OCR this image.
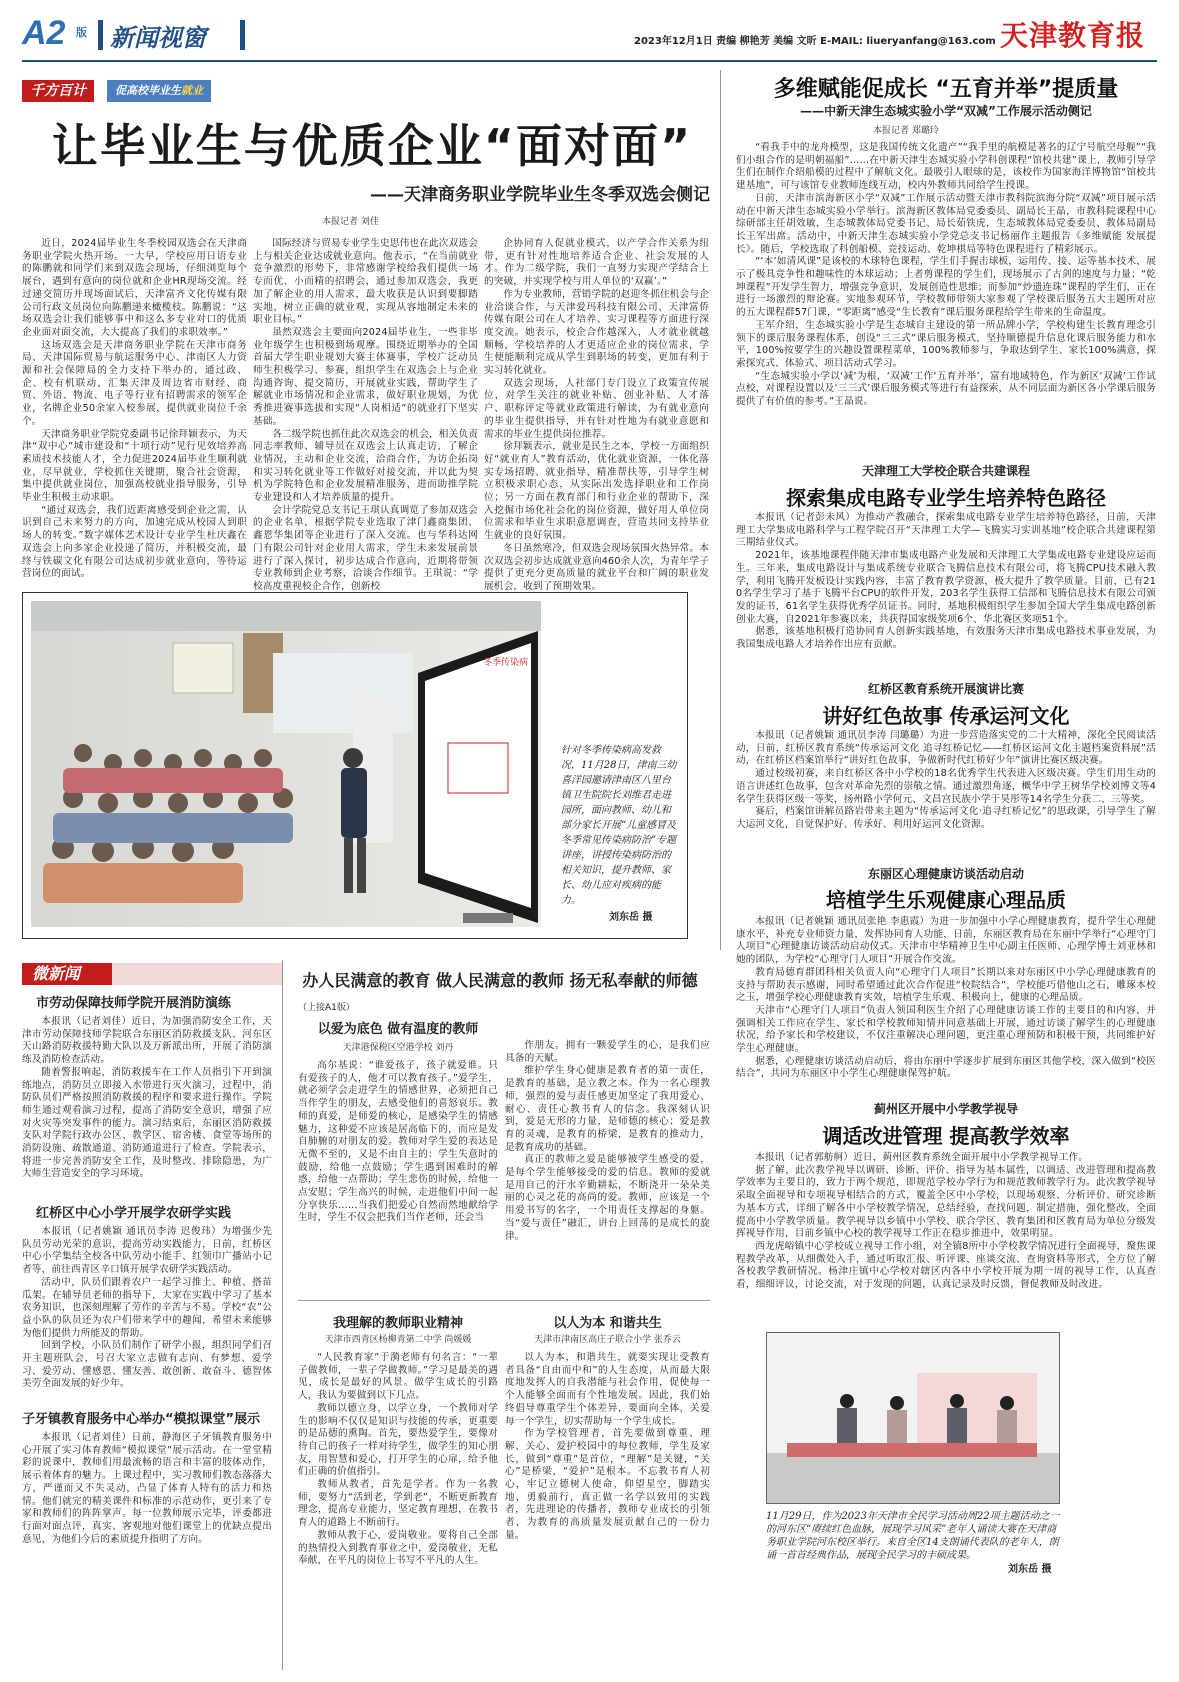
A2 版 新闻视窗	2023年12月1日 责编 柳艳芳 美编 文昕 E-MAIL: liueryanfang@163.com 天津教育报
千方百计	促高校毕业生就业
让毕业生与优质企业“面对面”
——天津商务职业学院毕业生冬季双选会侧记
本报记者 刘佳

近日，2024届毕业生冬季校园双选会在天津商务职业学院火热开场。一大早，学校应用日语专业的陈鹏就和同学们来到双选会现场，仔细浏览每个展台，遇到有意向的岗位就和企业HR现场交流。经过递交简历并现场面试后，天津富齐文化传媒有限公司行政文员岗位向陈鹏递来橄榄枝。陈鹏说：“这场双选会让我们能够事中和这么多专业对口的优质企业面对面交流，大大提高了我们的求职效率。”

这场双选会是天津商务职业学院在天津市商务局、天津国际贸易与航运服务中心、津南区人力资源和社会保障局的全力支持下举办的，通过政、企、校有机联动，汇集天津及周边省市财经、商贸、外语、物流、电子等行业有招聘需求的领军企业，名牌企业50余家入校参展，提供就业岗位千余个。

天津商务职业学院党委副书记徐拜颖表示，为天津“双中心”城市建设和“十项行动”见行见效培养高素质技术技能人才，全力促进2024届毕业生顺利就业，尽早就业，学校抓住关键期，聚合社会资源，集中提供就业岗位，加强高校就业指导服务，引导毕业生积极主动求职。

“通过双选会，我们近距离感受到企业之需，认识到自己未来努力的方向，加速完成从校园人到职场人的转变。”数字媒体艺术设计专业学生杜庆鑫在双选会上向多家企业投递了简历，并积极交流，最终与铁碳文化有限公司达成初步就业意向，等待运营岗位的面试。

国际经济与贸易专业学生史思伟也在此次双选会上与相关企业达成就业意向。他表示，“在当前就业竞争激烈的形势下，非常感谢学校给我们提供一场专而优、小而精的招聘会，通过参加双选会，我更加了解企业的用人需求，最大收获是认识到要脚踏实地，树立正确的就业观，实现从容地制定未来的职业目标。”

虽然双选会主要面向2024届毕业生，一些非毕业年级学生也积极到场观摩。围绕近期举办的全国首届大学生职业规划大赛主体赛事，学校广泛动员师生积极学习、参赛，组织学生在双选会上与企业沟通咨询、提交简历，开展就业实践，帮助学生了解就业市场情况和企业需求，做好职业规划，为优秀推进赛事选拔和实现“人岗相适”的就业打下坚实基础。

各二级学院也抓住此次双选会的机会，相关负责同志率教师、辅导员在双选会上认真走访，了解企业情况，主动和企业交流，洽商合作，为访企拓岗和实习转化就业等工作做好对接交流，并以此为契机为学院特色和企业发展精准服务，进而助推学院专业建设和人才培养质量的提升。

会计学院党总支书记王琪认真调览了参加双选会的企业名单，根据学院专业选取了津门鑫商集团、鑫恩华集团等企业进行了深入交流。也与华科达网门有限公司针对企业用人需求，学生未来发展前景进行了深入探讨，初步达成合作意向，近期将带领专业教师到企业考察，洽谈合作细节。王琪说：“学校高度重视校企合作，创新校

企协同育人促就业模式，以产学合作关系为纽带，更有针对性地培养适合企业、社会发展的人才。作为二级学院，我们一直努力实现产学结合上的突破，并实现学校与用人单位的‘双赢’。”

作为专业教师，营销学院的赵迎冬抓住机会与企业洽谈合作，与天津爱玛科技有限公司、天津富侨传媒有限公司在人才培养、实习课程等方面进行深度交流。她表示，校企合作越深入，人才就业就越顺畅，学校培养的人才更适应企业的岗位需求，学生便能顺利完成从学生到职场的转变，更加有利于实习转化就业。

双选会现场，人社部门专门设立了政策宣传展位，对学生关注的就业补贴、创业补贴、人才落户、职称评定等就业政策进行解读，为有就业意向的毕业生提供指导，并有针对性地为有就业意愿和需求的毕业生提供岗位推荐。

徐拜颖表示，就业是民生之本，学校一方面组织好“就业育人”教育活动，优化就业资源，一体化落实专场招聘、就业指导、精准帮扶等，引导学生树立积极求职心态，从实际出发选择职业和工作岗位；另一方面在教育部门和行业企业的帮助下，深入挖掘市场化社会化的岗位资源，做好用人单位岗位需求和毕业生求职意愿调查，营造共同支持毕业生就业的良好氛围。

冬日虽然寒冷，但双选会现场氛围火热异常。本次双选会初步达成就业意向460余人次，为青年学子提供了更充分更高质量的就业平台和广阔的职业发展机会，收到了预期效果。

冬季传染病
针对冬季传染病高发救况，11月28日，津南三幼喜洋园邀请津南区八里台镇卫生院院长刘维君走进园所，面向教师、幼儿和部分家长开展“儿童感冒及冬季常见传染病防治”专题讲座，讲授传染病防治的相关知识，提升教师、家长、幼儿应对疾病的能力。
刘东岳 摄
多维赋能促成长 “五育并举”提质量
——中新天津生态城实验小学“双减”工作展示活动侧记
本报记者 郑璐玲

“看我手中的龙舟模型，这是我国传统文化遗产”“我手里的航模是著名的辽宁号航空母舰”“我们小组合作的是明朝福船”……在中新天津生态城实验小学科创课程“馆校共建”课上，教师引导学生们在制作介绍船模的过程中了解航文化。最吸引人眼球的是，该校作为国家海洋博物馆“馆校共建基地”，可与该馆专业教师连线互动，校内外教师共同给学生授课。

日前，天津市滨海新区小学“双减”工作展示活动暨天津市教科院滨海分院“双减”项目展示活动在中新天津生态城实验小学举行。滨海新区教体局党委委员、副局长王晶，市教科院课程中心综研部主任胡效敏，生态城教体局党委书记、局长茹铁虎，生态城教体局党委委员、教体局副局长王军出席。活动中，中新天津生态城实验小学党总支书记杨丽作主题报告《多维赋能 发展提长》。随后，学校选取了科创船模、竞技运动、乾坤棋局等特色课程进行了精彩展示。

“‘本’如清风课”是该校的木球特色课程，学生们手握击球板，运用传、接、运等基本技术，展示了极具竞争性和趣味性的木球运动；上者剪课程的学生们，现场展示了古剑的速度与力量；“乾坤课程”开发学生智力，增强竞争意识，发展创造性思维；而参加“炒遗连珠”课程的学生们，正在进行一场激烈的辩论赛。实地参观环节，学校教师带领大家参观了学校课后服务五大主题所对应的五大课程群57门课，“零距离”感受“生长教育”课后服务课程给学生带来的生命温度。

王军介绍，生态城实验小学是生态城自主建设的第一所品牌小学，学校构建生长教育理念引领下的课后服务课程体系，创设“三三式”课后服务模式，坚持顺德提升信息化课后服务能力和水平，100%按要学生的兴趣设置课程菜单，100%教师参与，争取达到学生、家长100%满意，探索探究式、体验式、项目活动式学习。

“生态城实验小学以‘减’为根，‘双减’工作‘五育并举’，富有地域特色，作为新区‘双减’工作试点校，对课程设置以及‘三三式’课后服务模式等进行有益探索，从不同层面为新区各小学课后服务提供了有价值的参考。”王晶说。

天津理工大学校企联合共建课程
探索集成电路专业学生培养特色路径

本报讯（记者彭未风）为推动产教融合，探索集成电路专业学生培养特色路径，日前，天津理工大学集成电路科学与工程学院召开“天津理工大学—飞腾实习实训基地”校企联合共建课程第三期结业仪式。

2021年，该基地课程伴随天津市集成电路产业发展和天津理工大学集成电路专业建设应运而生。三年来，集成电路设计与集成系统专业联合飞腾信息技术有限公司，将飞腾CPU技术融入教学，利用飞腾开发板设计实践内容，丰富了教育教学资源，极大提升了教学质量。目前，已有210名学生学习了基于飞腾平台CPU的软件开发，203名学生获得工信部和飞腾信息技术有限公司颁发的证书，61名学生获得优秀学员证书。同时，基地积极组织学生参加全国大学生集成电路创新创业大赛，自2021年参赛以来，共获得国家级奖项6个、华北赛区奖项51个。

据悉，该基地积极打造协同育人创新实践基地，有效服务天津市集成电路技术事业发展，为我国集成电路人才培养作出应有贡献。

红桥区教育系统开展演讲比赛
讲好红色故事 传承运河文化

本报讯（记者姚颖 通讯员李涛 闫璐璐）为进一步营造落实党的二十大精神，深化全民阅读活动，日前，红桥区教育系统“传承运河文化 追寻红桥记忆——红桥区运河文化主题档案资料展”活动，在红桥区档案馆举行“讲好红色故事，争做新时代红桥好少年”演讲比赛区级决赛。

通过校级初赛，来自红桥区各中小学校的18名优秀学生代表进入区级决赛。学生们用生动的语言讲述红色故事，包含对革命先烈的崇敬之情。通过激烈角逐，概华中学王树华学校刘博文等4名学生获得区级一等奖，扬州路小学何元、文昌宫民族小学于昊彤等14名学生分获二、三等奖。

赛后，档案馆讲解员路岩带来主题为“传承运河文化·追寻红桥记忆”的思政课，引导学生了解大运河文化，自觉保护好、传承好、利用好运河文化资源。

东丽区心理健康访谈活动启动
培植学生乐观健康心理品质

本报讯（记者姚颖 通讯员张艳 李惠霞）为进一步加强中小学心理健康教育，提升学生心理健康水平，补充专业师资力量，发挥协同育人功能，日前，东丽区教育局在东丽中学举行“心理守门人项目”心理健康访谈活动启动仪式。天津市中华精神卫生中心副主任医师、心理学博士刘亚林和她的团队，为学校“心理守门人项目”开展合作交流。

教育局德育群团科相关负责人向“心理守门人项目”长期以来对东丽区中小学心理健康教育的支持与帮助表示感谢，同时希望通过此次合作促进“校院结合”，学校能巧借他山之石，雕琢本校之玉，增强学校心理健康教育实效，培植学生乐观、积极向上，健康的心理品质。

天津市“心理守门人项目”负责人领国利医生介绍了心理健康访谈工作的主要目的和内容，并强调相关工作应在学生、家长和学校教师知情并同意基础上开展，通过访谈了解学生的心理健康状况，给予家长和学校建议，不仅注重解决心理问题，更注重心理预防和积极干预，共同维护好学生心理健康。

据悉，心理健康访谈活动启动后，将由东丽中学逐步扩展到东丽区其他学校，深入做到“校医结合”，共同为东丽区中小学生心理健康保驾护航。

蓟州区开展中小学教学视导
调适改进管理 提高教学效率

本报讯（记者郭舫舸）近日，蓟州区教育系统全面开展中小学教学视导工作。

据了解，此次教学视导以调研、诊断、评价、指导为基本属性，以调适、改进管理和提高教学效率为主要目的，致力于两个规范，即规范学校办学行为和规范教师教学行为。此次教学视导采取全面视导和专项视导相结合的方式，覆盖全区中小学校，以现场观察、分析评价、研究诊断为基本方式，详细了解各中小学校教学情况，总结经验，查找问题，制定措施，强化整改，全面提高中小学教学质量。教学视导以乡镇中小学校、联合学区、教育集团和区教育局为单位分级发挥视导作用，目前乡镇中心校的教学视导工作正在稳步推进中，效果明显。

西龙虎峪镇中心学校成立视导工作小组，对全镇8所中小学校教学情况进行全面视导，聚焦课程教学改革，从细微处入手，通过听取汇报、听评课、座谈交流、查询资料等形式，全方位了解各校教学教研情况。杨津庄镇中心学校对辖区内各中小学校开展为期一周的视导工作，认真查看，细细评议，讨论交流，对于发现的问题，认真记录及时反馈，督促教师及时改进。

11月29日，作为2023年天津市全民学习活动周22项主题活动之一的河东区“赓续红色血脉，展现学习风采”老年人诵读大赛在天津商务职业学院河东校区举行。来自全区14支朗诵代表队的老年人，朗诵一首首经典作品，展现全民学习的丰硕成果。
刘东岳 摄
微新闻
市劳动保障技师学院开展消防演练

本报讯（记者刘佳）近日，为加强消防安全工作，天津市劳动保障技师学院联合东丽区消防救援支队、河东区天山路消防救援特勤大队以及万新派出所，开展了消防演练及消防检查活动。

随着警报响起，消防救援车在工作人员指引下开到演练地点，消防员立即接入水带进行灭火演习，过程中，消防队员们严格按照消防救援的程序和要求进行操作。学院师生通过观看演习过程，提高了消防安全意识，增强了应对火灾等突发事件的能力。演习结束后，东丽区消防救援支队对学院行政办公区、教学区、宿舍楼、食堂等场所的消防设施、疏散通道、消防通道进行了检查。学院表示，将进一步完善消防安全工作，及时整改、排除隐患，为广大师生营造安全的学习环境。

红桥区中心小学开展学农研学实践

本报讯（记者姚颖 通讯员李涛 迟俊玮）为增强少先队员劳动光荣的意识，提高劳动实践能力，日前，红桥区中心小学集结全校各中队劳动小能手、红领巾广播站小记者等，前往西青区辛口镇开展学农研学实践活动。

活动中，队员们跟着农户一起学习推土、种植、搭苗瓜架。在辅导员老师的指导下，大家在实践中学习了基本农务知识，也深刻理解了劳作的辛苦与不易。学校“农”公益小队的队员还为农户们带来学中的趣闻，希望未来能够为他们提供力所能及的帮助。

回到学校，小队员们制作了研学小报，组织同学们召开主题班队会，号召大家立志做有志向、有梦想、爱学习、爱劳动、懂感恩、懂友善、敢创新、敢奋斗、德智体美劳全面发展的好少年。

子牙镇教育服务中心举办“模拟课堂”展示

本报讯（记者刘佳）日前，静海区子牙镇教育服务中心开展了实习体育教师“模拟课堂”展示活动。在一堂堂精彩的说课中，教师们用最流畅的语言和丰富的肢体动作，展示着体育的魅力。上课过程中，实习教师们教态落落大方，严谨而又不失灵动，凸显了体育人特有的活力和热情。他们就完的精美课件和标准的示范动作，更引来了专家和教师们的阵阵掌声。每一位教师展示完毕，评委都进行面对面点评，真实、客观地对他们课堂上的优缺点提出意见，为他们今后的素质提升指明了方向。

办人民满意的教育 做人民满意的教师 扬无私奉献的师德
（上接A1版）
以爱为底色 做有温度的教师
天津港保税区空港学校 刘丹

高尔基说：“谁爱孩子，孩子就爱谁。只有爱孩子的人，他才可以教育孩子。”爱学生，就必须学会走进学生的情感世界，必须把自己当作学生的朋友，去感受他们的喜怒哀乐。教师的真爱，是师爱的核心，是感染学生的情感魅力，这种爱不应该是居高临下的，而应是发自肺腑的对朋友的爱。教师对学生爱的表达是无微不至的，又是不由自主的：学生失意时的鼓励，给他一点鼓励；学生遇到困难时的解惑，给他一点帮助；学生悲伤的时候，给他一点安慰；学生高兴的时候，走进他们中间一起分享快乐……当我们把爱心自然而然地献给学生时，学生不仅会把我们当作老师，还会当

作朋友。拥有一颗爱学生的心，是我们应具备的天赋。

维护学生身心健康是教育者的第一责任，是教育的基础，是立教之本。作为一名心理教师，强烈的爱与责任感更加坚定了我用爱心、耐心、责任心教书育人的信念。我深刻认识到，爱是无形的力量，是师德的核心；爱是教育的灵魂，是教育的桥梁，是教育的推动力，是教育成功的基础。

真正的教师之爱是能够被学生感受的爱，是每个学生能够接受的爱的信息。教师的爱就是用自己的汗水辛勤耕耘，不断浇开一朵朵美丽的心灵之花的高尚的爱。教师，应该是一个用爱书写的名字，一个用责任支撑起的身躯。当“爱与责任”融汇，讲台上回荡的是成长的旋律。

我理解的教师职业精神
天津市西青区杨柳青第二中学 尚媛媛

“人民教育家”于漪老师有句名言：“一辈子做教师，一辈子学做教师。”学习是最美的遇见，成长是最好的风景。做学生成长的引路人，我认为要做到以下几点。

教师以德立身，以学立身，一个教师对学生的影响不仅仅是知识与技能的传承，更重要的是品德的熏陶。首先，要热爱学生，要像对待自己的孩子一样对待学生，做学生的知心朋友，用智慧和爱心，打开学生的心扉，给予他们正确的价值指引。

教师从教者，首先是学者。作为一名教师，要努力“活到老，学到老”，不断更新教育理念，提高专业能力，坚定教育理想，在教书育人的道路上不断前行。

教师从教于心，爱岗敬业。要将自己全部的热情投入到教育事业之中，爱岗敬业，无私奉献，在平凡的岗位上书写不平凡的人生。

以人为本 和谐共生
天津市津南区高庄子联合小学 张乔云

以人为本，和谐共生，就要实现让受教育者具备“自由而中和”的人生态度，从而最大限度地发挥人的自我潜能与社会作用，促使每一个人能够全面而有个性地发展。因此，我们始终倡导尊重学生个体差异，要面向全体，关爱每一个学生，切实帮助每一个学生成长。

作为学校管理者，首先要做到尊重、理解、关心、爱护校园中的每位教师，学生及家长，做到“尊重”是首位，“理解”是关键，“关心”是桥梁，“爱护”是根本。不忘教书育人初心，牢记立德树人使命，仰望星空，脚踏实地，勇毅前行，真正做一名学以致用的实践者，先进理论的传播者，教师专业成长的引领者，为教育的高质量发展贡献自己的一份力量。
